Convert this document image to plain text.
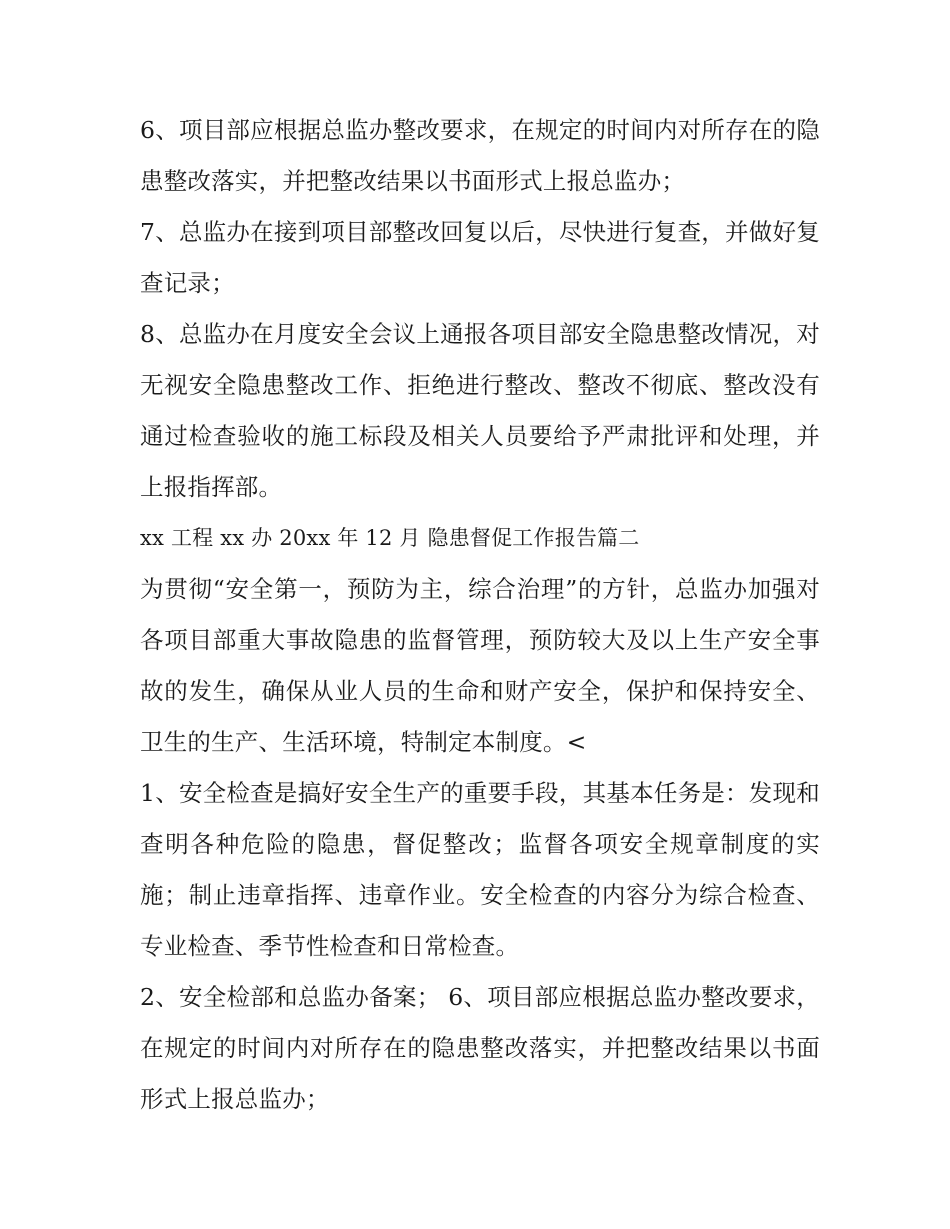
6、项目部应根据总监办整改要求，在规定的时间内对所存在的隐患整改落实，并把整改结果以书面形式上报总监办；

7、总监办在接到项目部整改回复以后，尽快进行复查，并做好复查记录；

8、总监办在月度安全会议上通报各项目部安全隐患整改情况，对无视安全隐患整改工作、拒绝进行整改、整改不彻底、整改没有通过检查验收的施工标段及相关人员要给予严肃批评和处理，并上报指挥部。

xx 工程 xx 办 20xx 年 12 月 隐患督促工作报告篇二

为贯彻“安全第一，预防为主，综合治理”的方针，总监办加强对各项目部重大事故隐患的监督管理，预防较大及以上生产安全事故的发生，确保从业人员的生命和财产安全，保护和保持安全、卫生的生产、生活环境，特制定本制度。<

1、安全检查是搞好安全生产的重要手段，其基本任务是：发现和查明各种危险的隐患，督促整改；监督各项安全规章制度的实施；制止违章指挥、违章作业。安全检查的内容分为综合检查、专业检查、季节性检查和日常检查。

2、安全检部和总监办备案； 6、项目部应根据总监办整改要求，在规定的时间内对所存在的隐患整改落实，并把整改结果以书面形式上报总监办；
